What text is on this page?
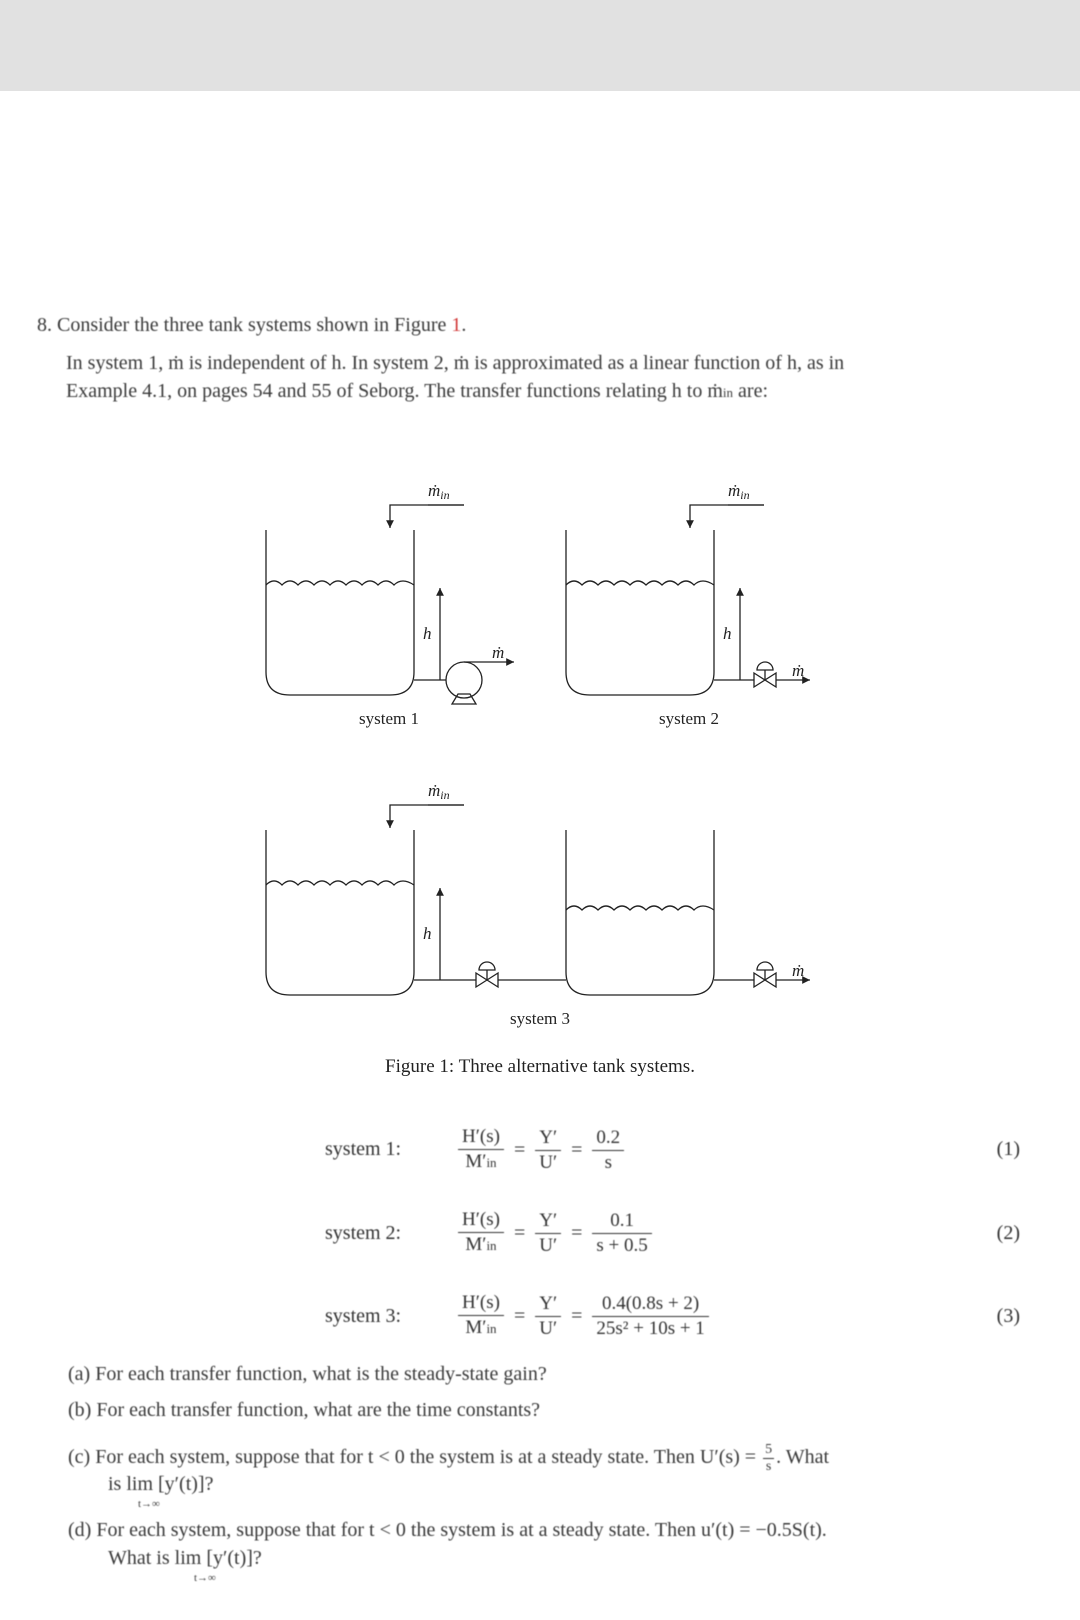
8. Consider the three tank systems shown in Figure 1.
In system 1, ṁ is independent of h. In system 2, ṁ is approximated as a linear function of h, as in
Example 4.1, on pages 54 and 55 of Seborg. The transfer functions relating h to ṁin are:
ṁin
h
ṁ
system 1
ṁin
h
ṁ
system 2
ṁin
h
ṁ
system 3
Figure 1: Three alternative tank systems.
system 1:	$\frac{H'(s)}{M'in} = \frac{Y'}{U'} = \frac{0.2}{s}$	(1)
system 2:	$\frac{H'(s)}{M'in} = \frac{Y'}{U'} = \frac{0.1}{s + 0.5}$	(2)
system 3:	$\frac{H'(s)}{M'in} = \frac{Y'}{U'} = \frac{0.4(0.8s + 2)}{\text{25s² + 10s + 1}}$	(3)
(a) For each transfer function, what is the steady-state gain?
(b) For each transfer function, what are the time constants?
(c) For each system, suppose that for t < 0 the system is at a steady state. Then $U'(s) = \frac{5}{s}$ . What
is lim [y′(t)]?
t→∞
(d) For each system, suppose that for t < 0 the system is at a steady state. Then u′(t) = −0.5S(t).
What is lim [y′(t)]?
t→∞
